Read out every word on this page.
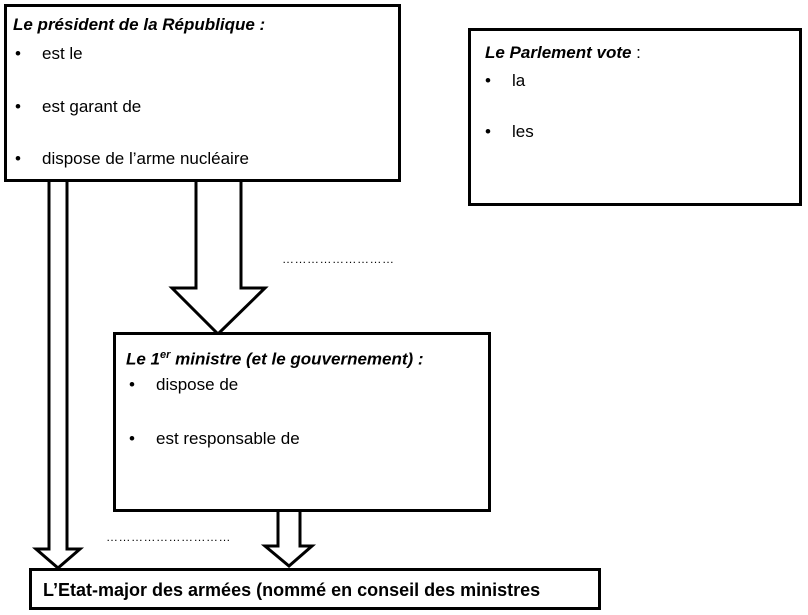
Le président de la République :
• est le
• est garant de
• dispose de l’arme nucléaire
Le Parlement vote :
• la
• les
………………………
Le 1er ministre (et le gouvernement) :
• dispose de
• est responsable de
…………………………
L’Etat-major des armées (nommé en conseil des ministres
